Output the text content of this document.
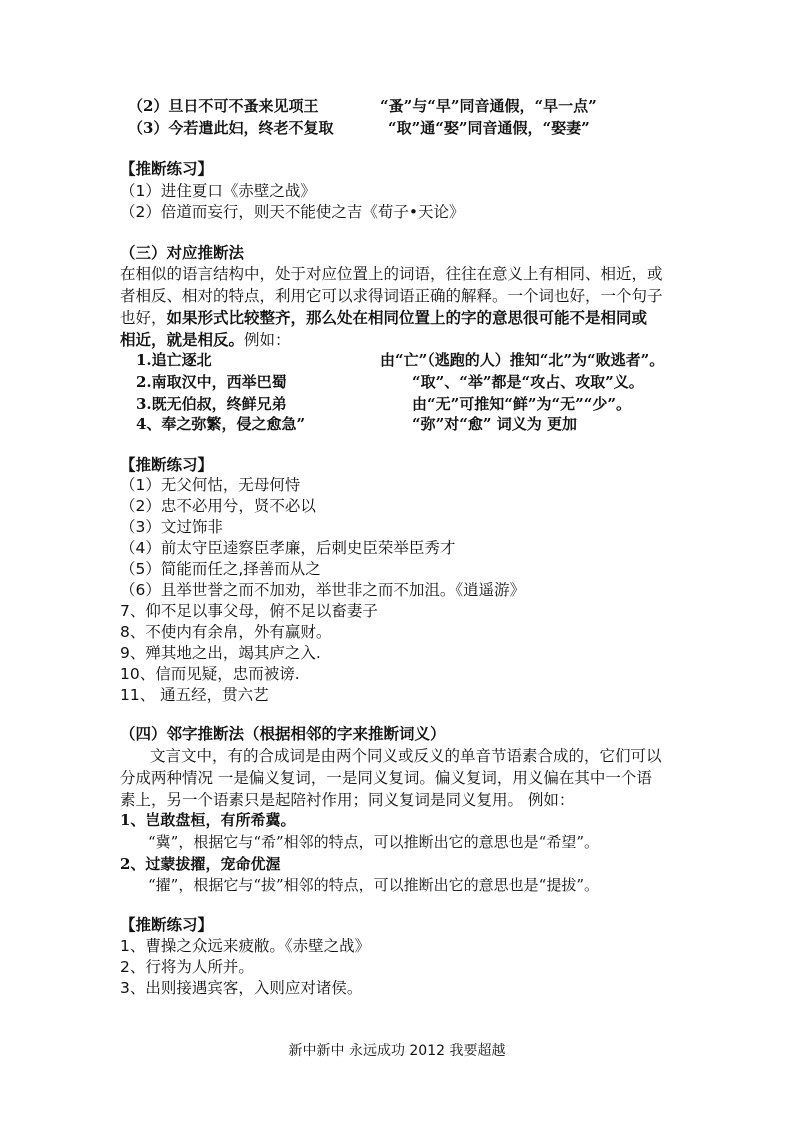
（2）旦日不可不蚤来见项王	“蚤”与“早”同音通假，“早一点”
（3）今若遣此妇，终老不复取	“取”通“娶”同音通假，“娶妻”
【推断练习】
（1）进住夏口《赤壁之战》
（2）倍道而妄行，则天不能使之吉《荀子•天论》
（三）对应推断法
在相似的语言结构中，处于对应位置上的词语，往往在意义上有相同、相近，或
者相反、相对的特点，利用它可以求得词语正确的解释。一个词也好，一个句子
也好，如果形式比较整齐，那么处在相同位置上的字的意思很可能不是相同或
相近，就是相反。例如：
1.追亡逐北	由“亡”（逃跑的人）推知“北”为“败逃者”。
2.南取汉中，西举巴蜀	“取”、“举”都是“攻占、攻取”义。
3.既无伯叔，终鲜兄弟	由“无”可推知“鲜”为“无”“少”。
4、奉之弥繁，侵之愈急”	“弥”对“愈” 词义为 更加
【推断练习】
（1）无父何怙，无母何恃
（2）忠不必用兮，贤不必以
（3）文过饰非
（4）前太守臣逵察臣孝廉，后刺史臣荣举臣秀才
（5）简能而任之,择善而从之
（6）且举世誉之而不加劝，举世非之而不加沮。《逍遥游》
7、仰不足以事父母，俯不足以畜妻子
8、不使内有余帛，外有赢财。
9、殚其地之出，竭其庐之入.
10、信而见疑，忠而被谤.
11、 通五经，贯六艺
（四）邻字推断法（根据相邻的字来推断词义）
文言文中，有的合成词是由两个同义或反义的单音节语素合成的，它们可以
分成两种情况 一是偏义复词，一是同义复词。偏义复词，用义偏在其中一个语
素上，另一个语素只是起陪衬作用；同义复词是同义复用。 例如：
1、岂敢盘桓，有所希冀。
“冀”，根据它与“希”相邻的特点，可以推断出它的意思也是“希望”。
2、过蒙拔擢，宠命优渥
“擢”，根据它与“拔”相邻的特点，可以推断出它的意思也是“提拔”。
【推断练习】
1、曹操之众远来疲敝。《赤壁之战》
2、行将为人所并。
3、出则接遇宾客，入则应对诸侯。
新中新中 永远成功 2012 我要超越
